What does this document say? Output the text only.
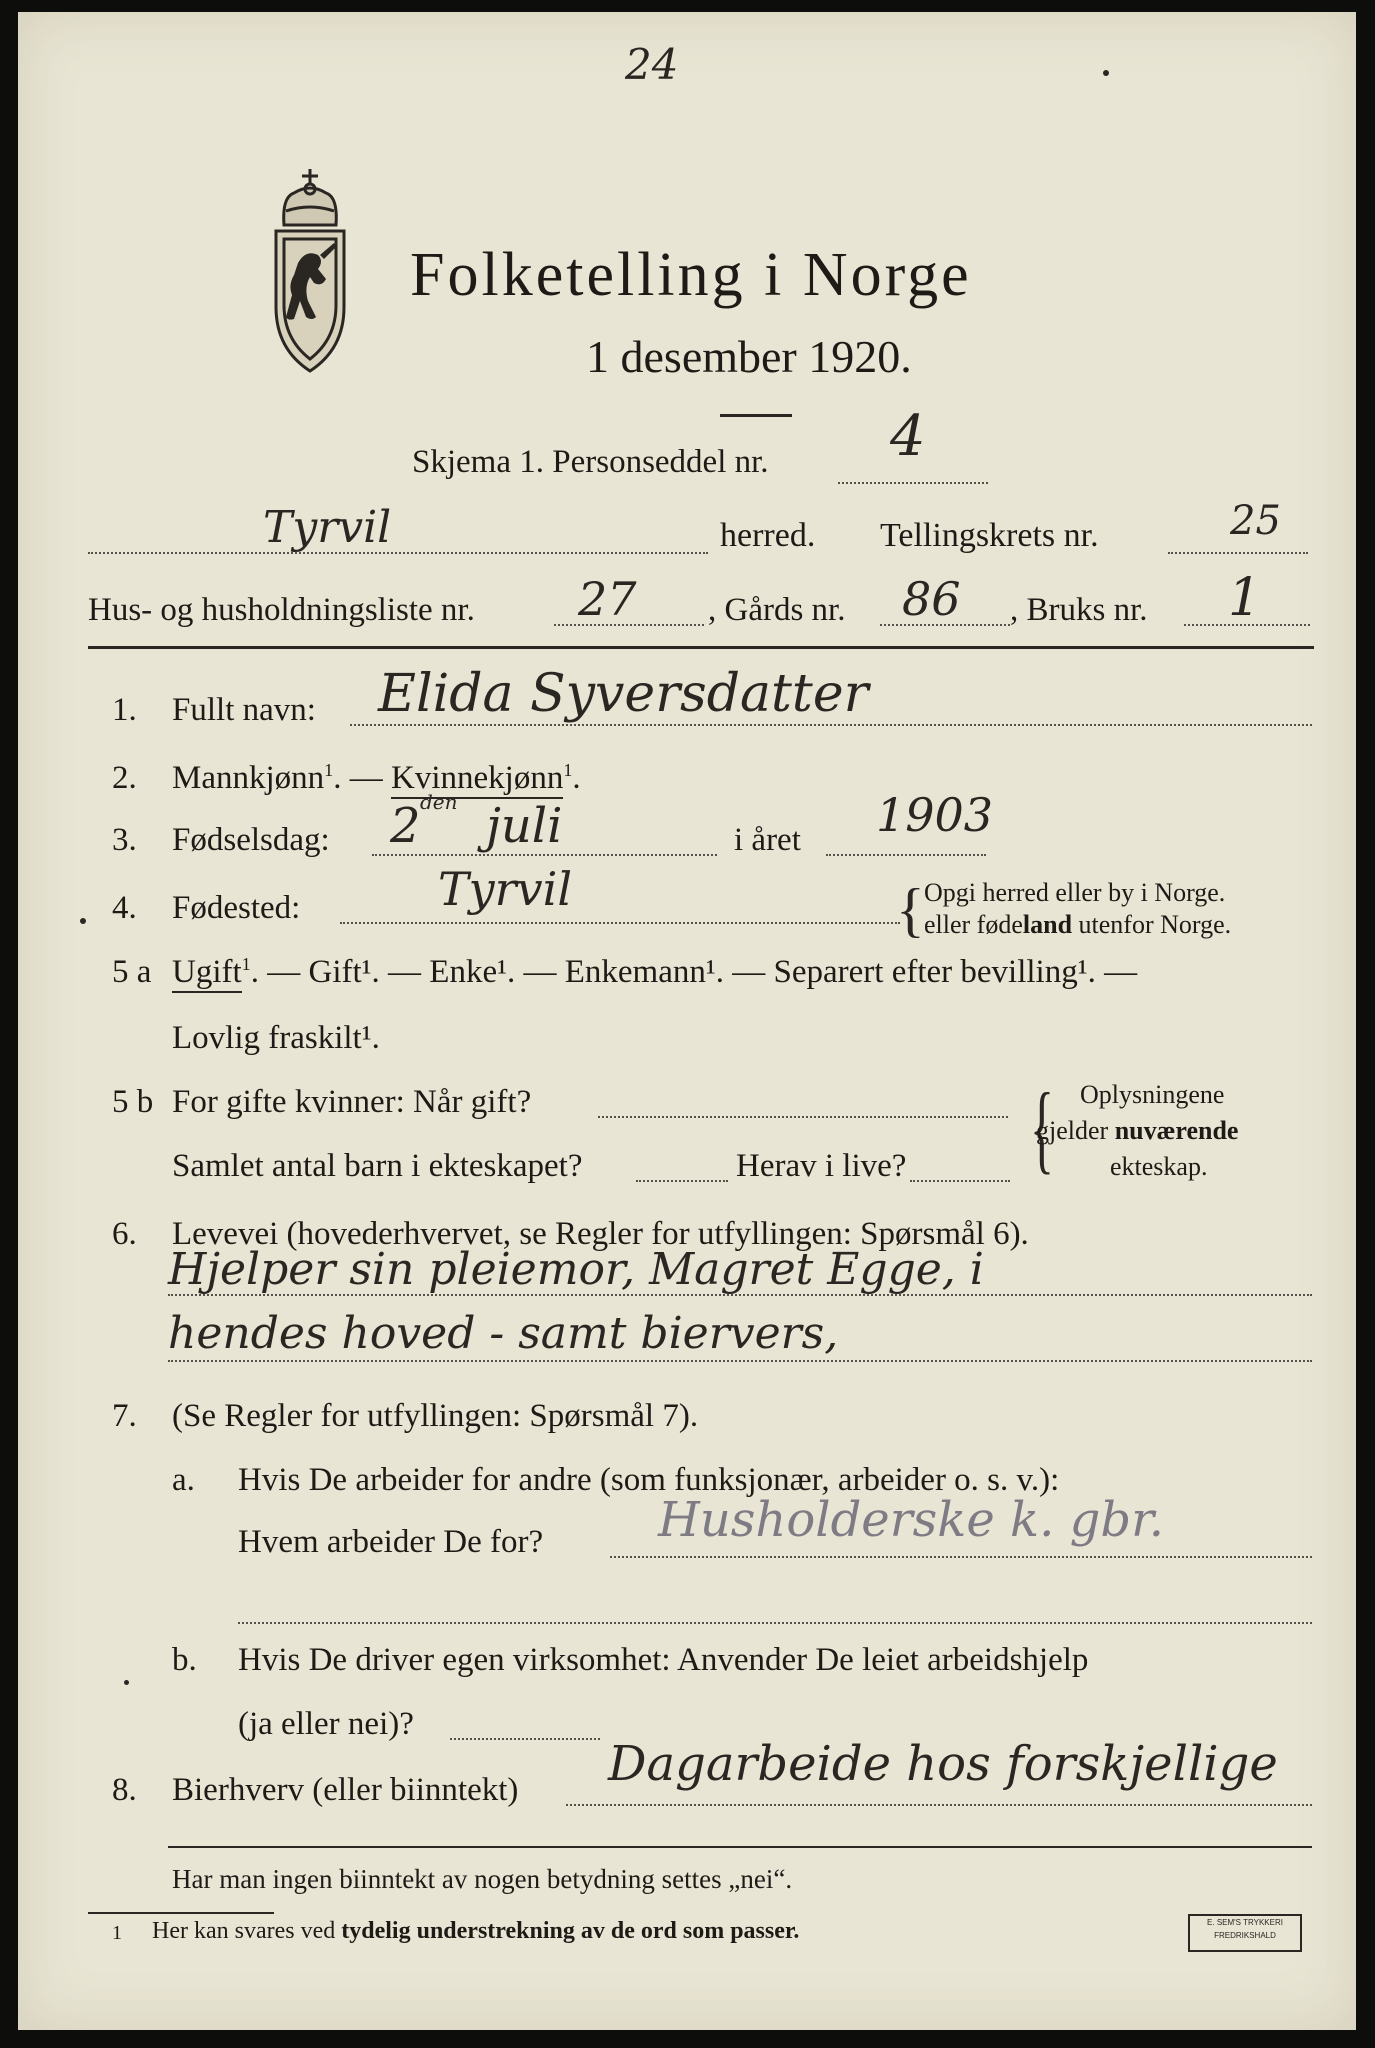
24
Folketelling i Norge
1 desember 1920.
Skjema 1. Personseddel nr. 4
Tyrvil	herred. Tellingskrets nr.	25
Hus- og husholdningsliste nr. 27 , Gårds nr. 86 , Bruks nr. 1
1. Fullt navn: Elida Syversdatter
2. Mannkjønn$^1$. — Kvinnekjønn$^1$.
3. Fødselsdag: 2 den juli	i året 1903
4. Fødested:	Tyrvil	{ Opgi herred eller by i Norge.
eller fødeland utenfor Norge.
5 a Ugift$^1$. — Gift¹. — Enke¹. — Enkemann¹. — Separert efter bevilling¹. —
Lovlig fraskilt¹.
5 b For gifte kvinner: Når gift?
Samlet antal barn i ekteskapet?	Herav i live? { Oplysningene
gjelder nuværende
ekteskap.
6. Levevei (hovederhvervet, se Regler for utfyllingen: Spørsmål 6).
Hjelper sin pleiemor, Magret Egge, i
hendes hoved - samt biervers,
7. (Se Regler for utfyllingen: Spørsmål 7).
a. Hvis De arbeider for andre (som funksjonær, arbeider o. s. v.):
Hvem arbeider De for? Husholderske k. gbr.
b. Hvis De driver egen virksomhet: Anvender De leiet arbeidshjelp
(ja eller nei)?
8. Bierhverv (eller biinntekt) Dagarbeide hos forskjellige
Har man ingen biinntekt av nogen betydning settes „nei“.
1 Her kan svares ved tydelig understrekning av de ord som passer.	E. SEM'S TRYKKERI
FREDRIKSHALD
